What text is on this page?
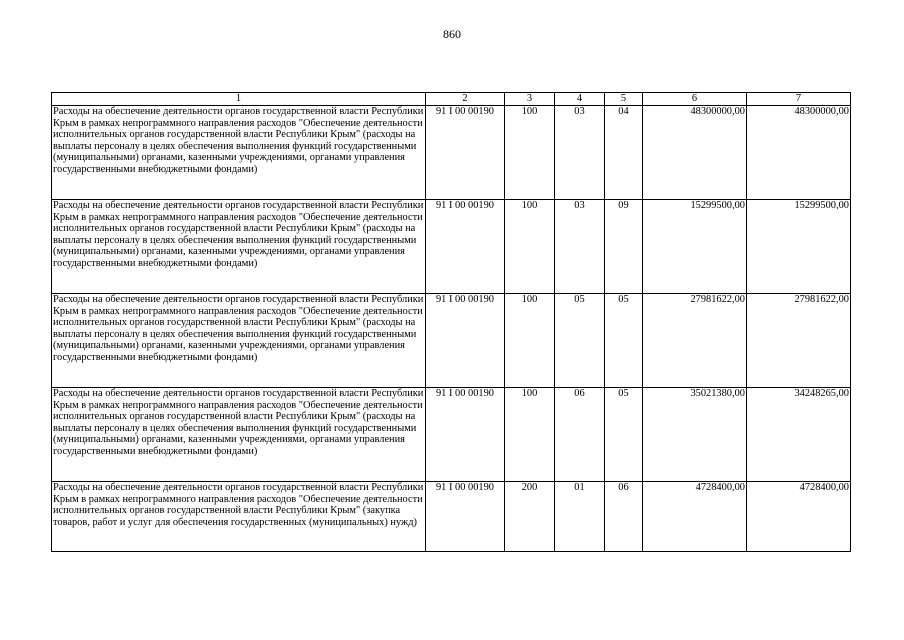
860
1	2	3	4	5	6	7
Расходы на обеспечение деятельности органов государственной власти Республики Крым в рамках непрограммного направления расходов "Обеспечение деятельности исполнительных органов государственной власти Республики Крым" (расходы на выплаты персоналу в целях обеспечения выполнения функций государственными (муниципальными) органами, казенными учреждениями, органами управления государственными внебюджетными фондами)	91 I 00 00190	100	03	04	48300000,00	48300000,00
Расходы на обеспечение деятельности органов государственной власти Республики Крым в рамках непрограммного направления расходов "Обеспечение деятельности исполнительных органов государственной власти Республики Крым" (расходы на выплаты персоналу в целях обеспечения выполнения функций государственными (муниципальными) органами, казенными учреждениями, органами управления государственными внебюджетными фондами)	91 I 00 00190	100	03	09	15299500,00	15299500,00
Расходы на обеспечение деятельности органов государственной власти Республики Крым в рамках непрограммного направления расходов "Обеспечение деятельности исполнительных органов государственной власти Республики Крым" (расходы на выплаты персоналу в целях обеспечения выполнения функций государственными (муниципальными) органами, казенными учреждениями, органами управления государственными внебюджетными фондами)	91 I 00 00190	100	05	05	27981622,00	27981622,00
Расходы на обеспечение деятельности органов государственной власти Республики Крым в рамках непрограммного направления расходов "Обеспечение деятельности исполнительных органов государственной власти Республики Крым" (расходы на выплаты персоналу в целях обеспечения выполнения функций государственными (муниципальными) органами, казенными учреждениями, органами управления государственными внебюджетными фондами)	91 I 00 00190	100	06	05	35021380,00	34248265,00
Расходы на обеспечение деятельности органов государственной власти Республики Крым в рамках непрограммного направления расходов "Обеспечение деятельности исполнительных органов государственной власти Республики Крым" (закупка товаров, работ и услуг для обеспечения государственных (муниципальных) нужд)	91 I 00 00190	200	01	06	4728400,00	4728400,00
